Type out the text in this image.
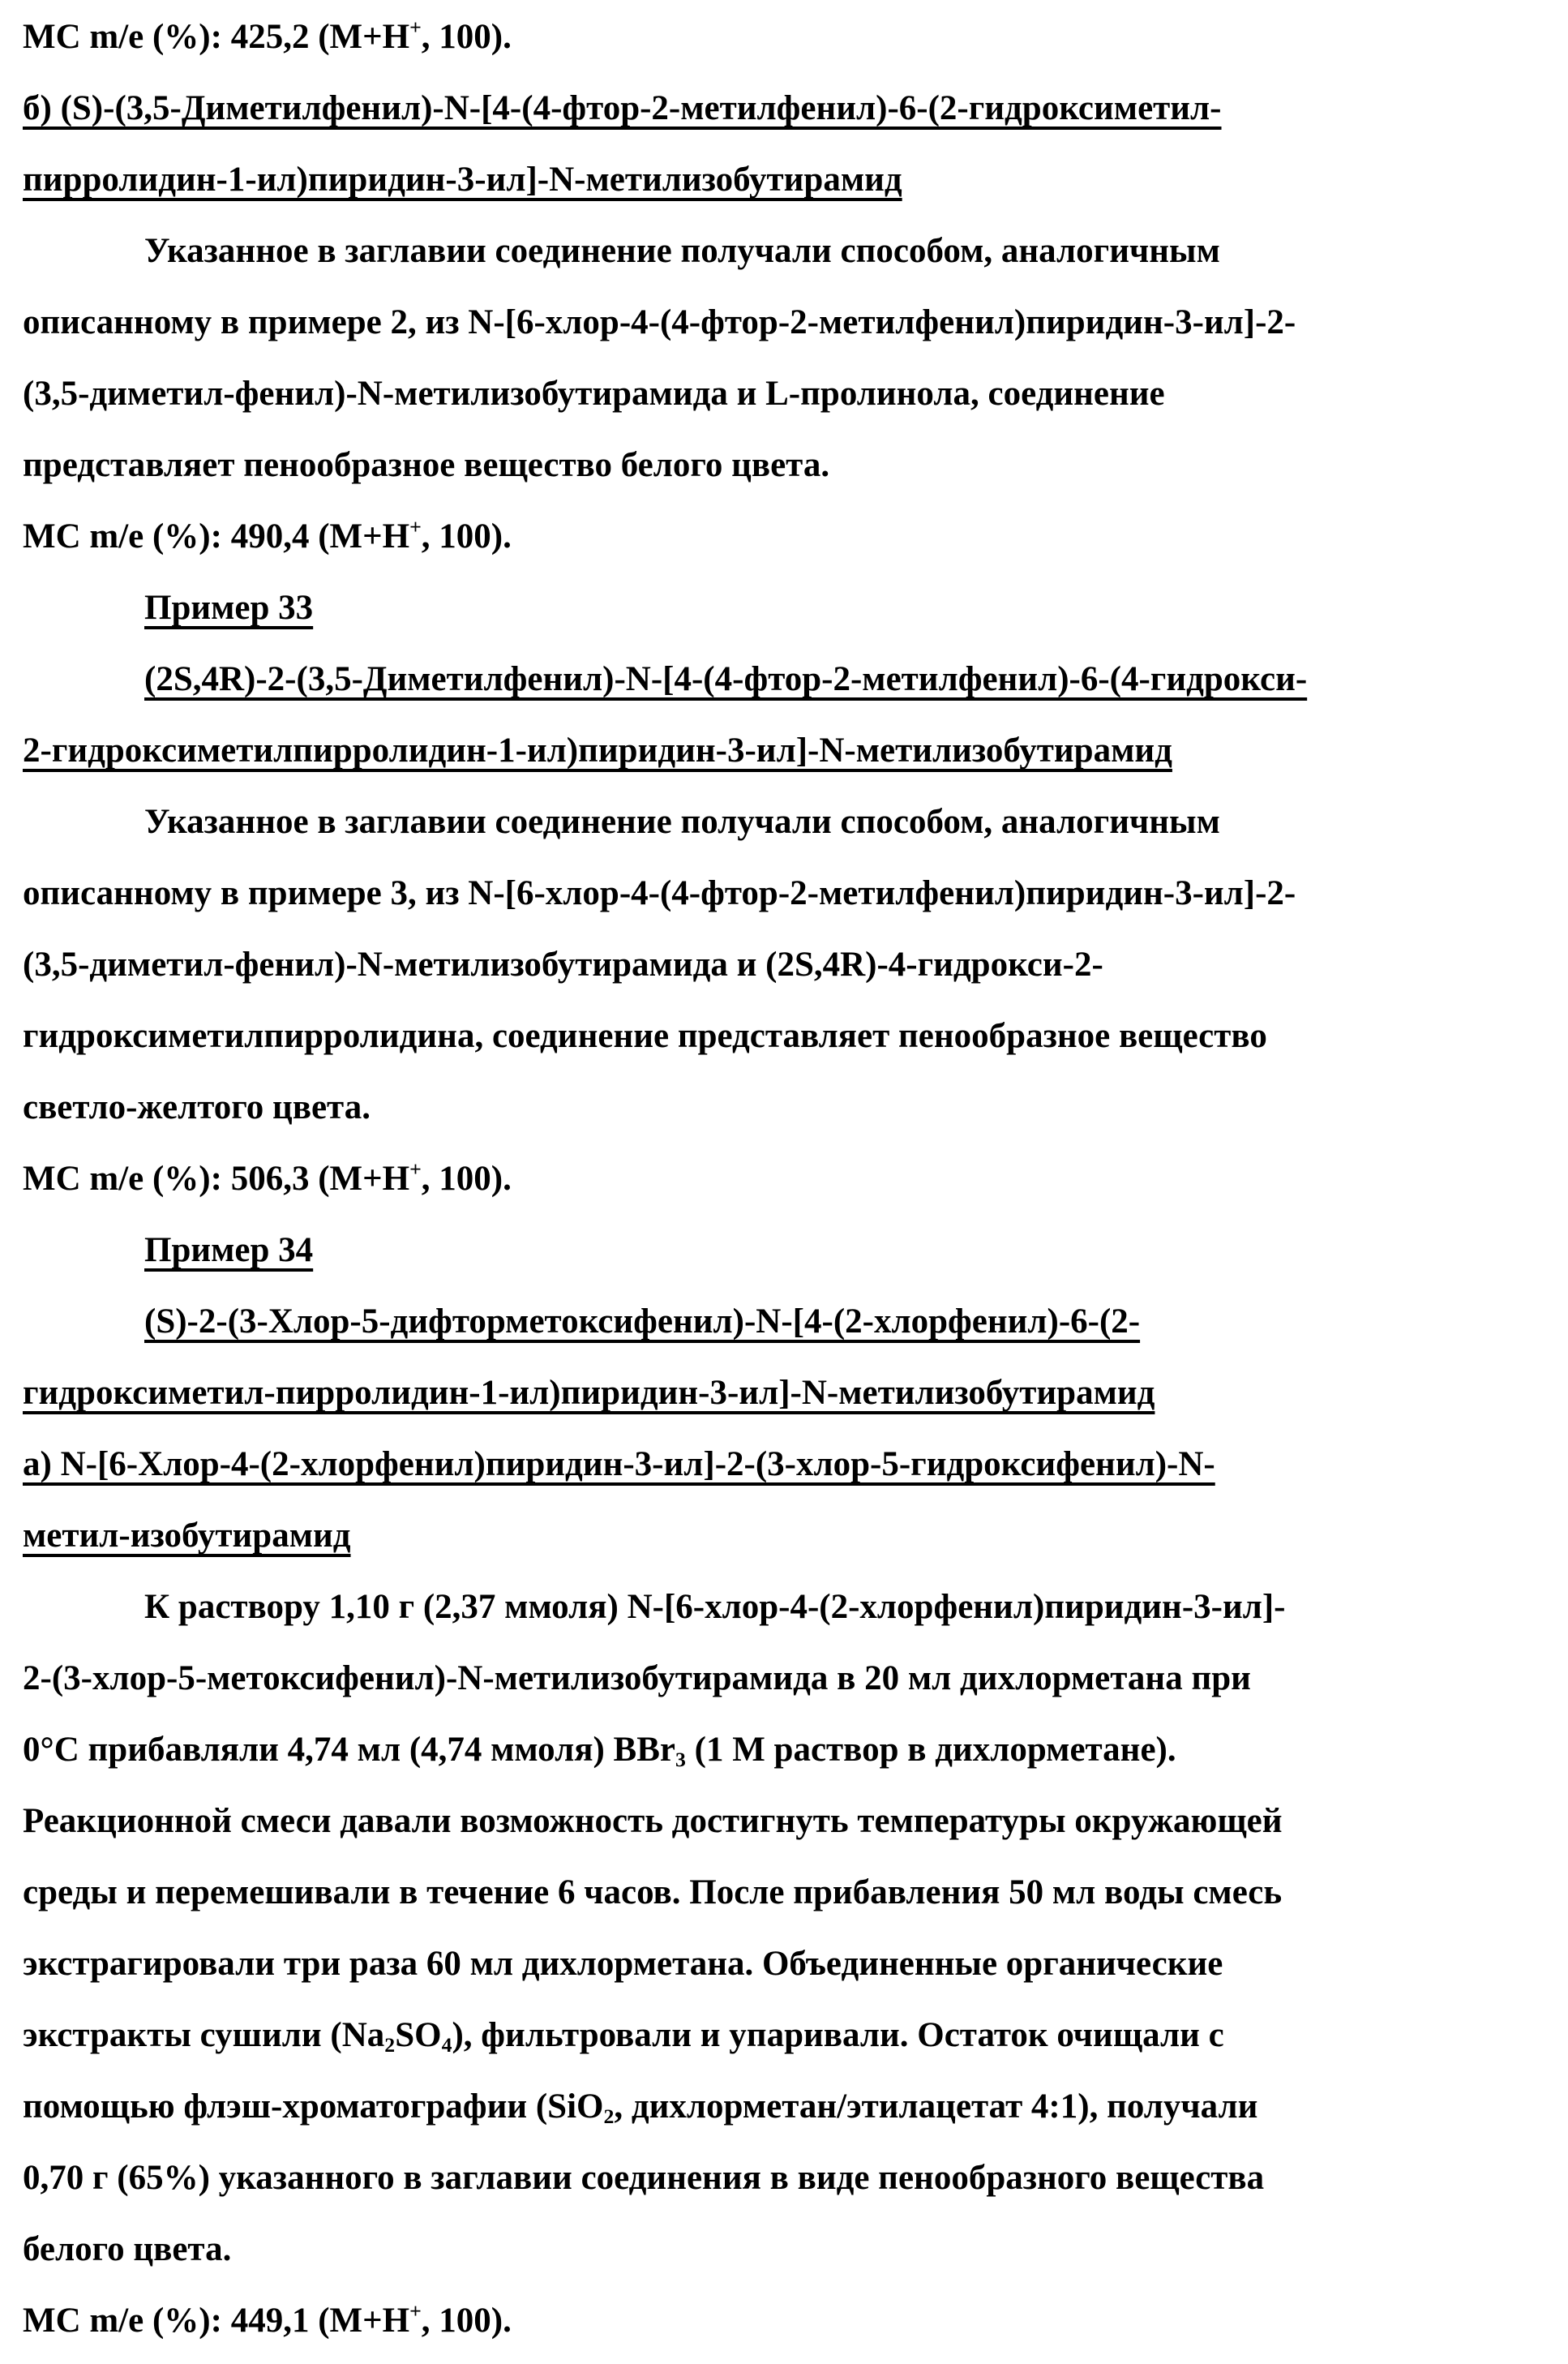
МС m/e (%): 425,2 (М+Н+, 100).
б) (S)-(3,5-Диметилфенил)-N-[4-(4-фтор-2-метилфенил)-6-(2-гидроксиметил-
пирролидин-1-ил)пиридин-3-ил]-N-метилизобутирамид
Указанное в заглавии соединение получали способом, аналогичным
описанному в примере 2, из N-[6-хлор-4-(4-фтор-2-метилфенил)пиридин-3-ил]-2-
(3,5-диметил-фенил)-N-метилизобутирамида и L-пролинола, соединение
представляет пенообразное вещество белого цвета.
МС m/e (%): 490,4 (М+Н+, 100).
Пример 33
(2S,4R)-2-(3,5-Диметилфенил)-N-[4-(4-фтор-2-метилфенил)-6-(4-гидрокси-
2-гидроксиметилпирролидин-1-ил)пиридин-3-ил]-N-метилизобутирамид
Указанное в заглавии соединение получали способом, аналогичным
описанному в примере 3, из N-[6-хлор-4-(4-фтор-2-метилфенил)пиридин-3-ил]-2-
(3,5-диметил-фенил)-N-метилизобутирамида и (2S,4R)-4-гидрокси-2-
гидроксиметилпирролидина, соединение представляет пенообразное вещество
светло-желтого цвета.
МС m/e (%): 506,3 (М+Н+, 100).
Пример 34
(S)-2-(3-Хлор-5-дифторметоксифенил)-N-[4-(2-хлорфенил)-6-(2-
гидроксиметил-пирролидин-1-ил)пиридин-3-ил]-N-метилизобутирамид
а) N-[6-Хлор-4-(2-хлорфенил)пиридин-3-ил]-2-(3-хлор-5-гидроксифенил)-N-
метил-изобутирамид
К раствору 1,10 г (2,37 ммоля) N-[6-хлор-4-(2-хлорфенил)пиридин-3-ил]-
2-(3-хлор-5-метоксифенил)-N-метилизобутирамида в 20 мл дихлорметана при
0°С прибавляли 4,74 мл (4,74 ммоля) BBr$_3$ (1 М раствор в дихлорметане).
Реакционной смеси давали возможность достигнуть температуры окружающей
среды и перемешивали в течение 6 часов. После прибавления 50 мл воды смесь
экстрагировали три раза 60 мл дихлорметана. Объединенные органические
экстракты сушили $(Na_2SO_4)$, фильтровали и упаривали. Остаток очищали с
помощью флэш-хроматографии (SiO$_2$, дихлорметан/этилацетат 4:1), получали
0,70 г (65%) указанного в заглавии соединения в виде пенообразного вещества
белого цвета.
МС m/e (%): 449,1 (М+Н+, 100).
